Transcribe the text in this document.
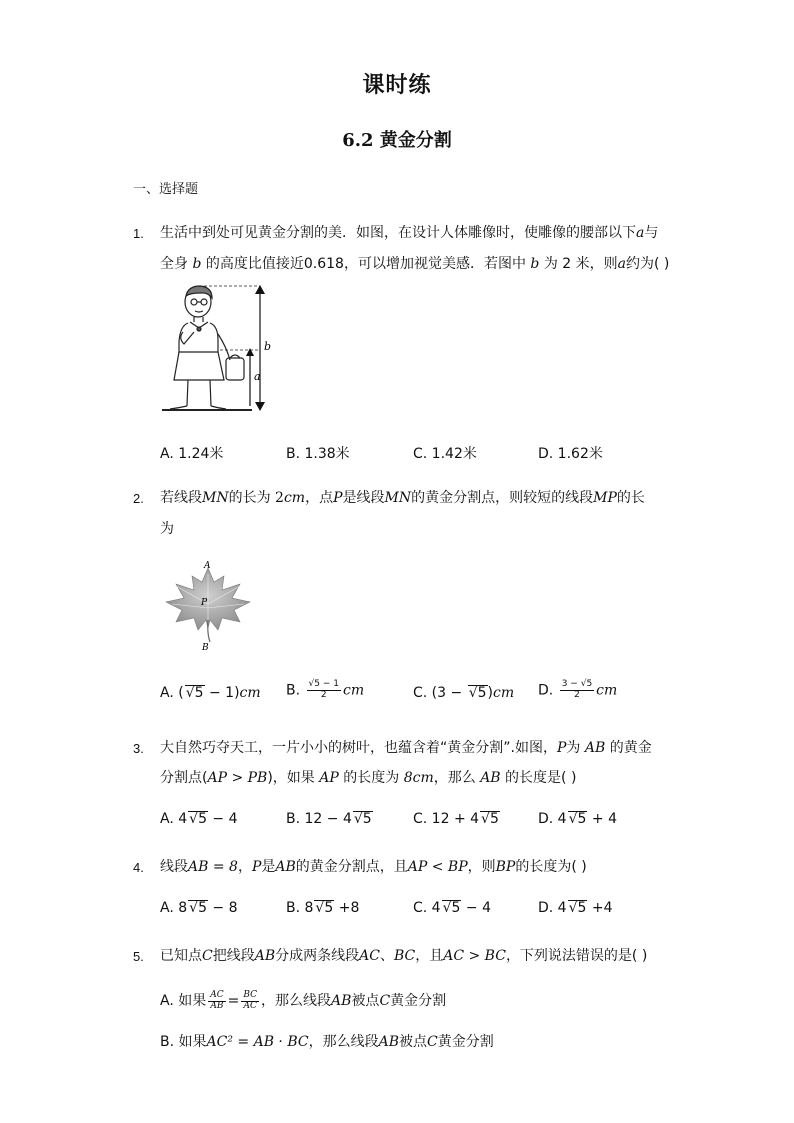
课时练
6.2 黄金分割
一、选择题
1. 生活中到处可见黄金分割的美．如图，在设计人体雕像时，使雕像的腰部以下a与
全身 b 的高度比值接近0.618，可以增加视觉美感．若图中 b 为 2 米，则a约为( )
b
a
A. 1.24米	B. 1.38米	C. 1.42米	D. 1.62米
2. 若线段MN的长为 2cm，点P是线段MN的黄金分割点，则较短的线段MP的长
为
A
P
B
A. ( √5 − 1)cm B. $\frac{√5 - 1}{2}$ cm	C. (3 − √5)cm D. $\frac{3 - √5}{2}$ cm
3. 大自然巧夺天工，一片小小的树叶，也蕴含着“黄金分割”.如图，P为 AB 的黄金
分割点(AP > PB)，如果 AP 的长度为 8cm，那么 AB 的长度是( )
A. 4 √5 − 4	B. 12 − 4 √5	C. 12 + 4 √5	D. 4 √5 + 4
4. 线段AB = 8，P是AB的黄金分割点，且AP < BP，则BP的长度为( )
A. 8 √5 − 8	B. 8 √5 +8	C. 4 √5 − 4	D. 4 √5 +4
5. 已知点C把线段AB分成两条线段AC、BC，且AC > BC，下列说法错误的是( )
A. 如果 $\frac{AC}{AB} = \frac{BC}{AC}$ ，那么线段AB被点C黄金分割
B. 如果AC² = AB · BC，那么线段AB被点C黄金分割
